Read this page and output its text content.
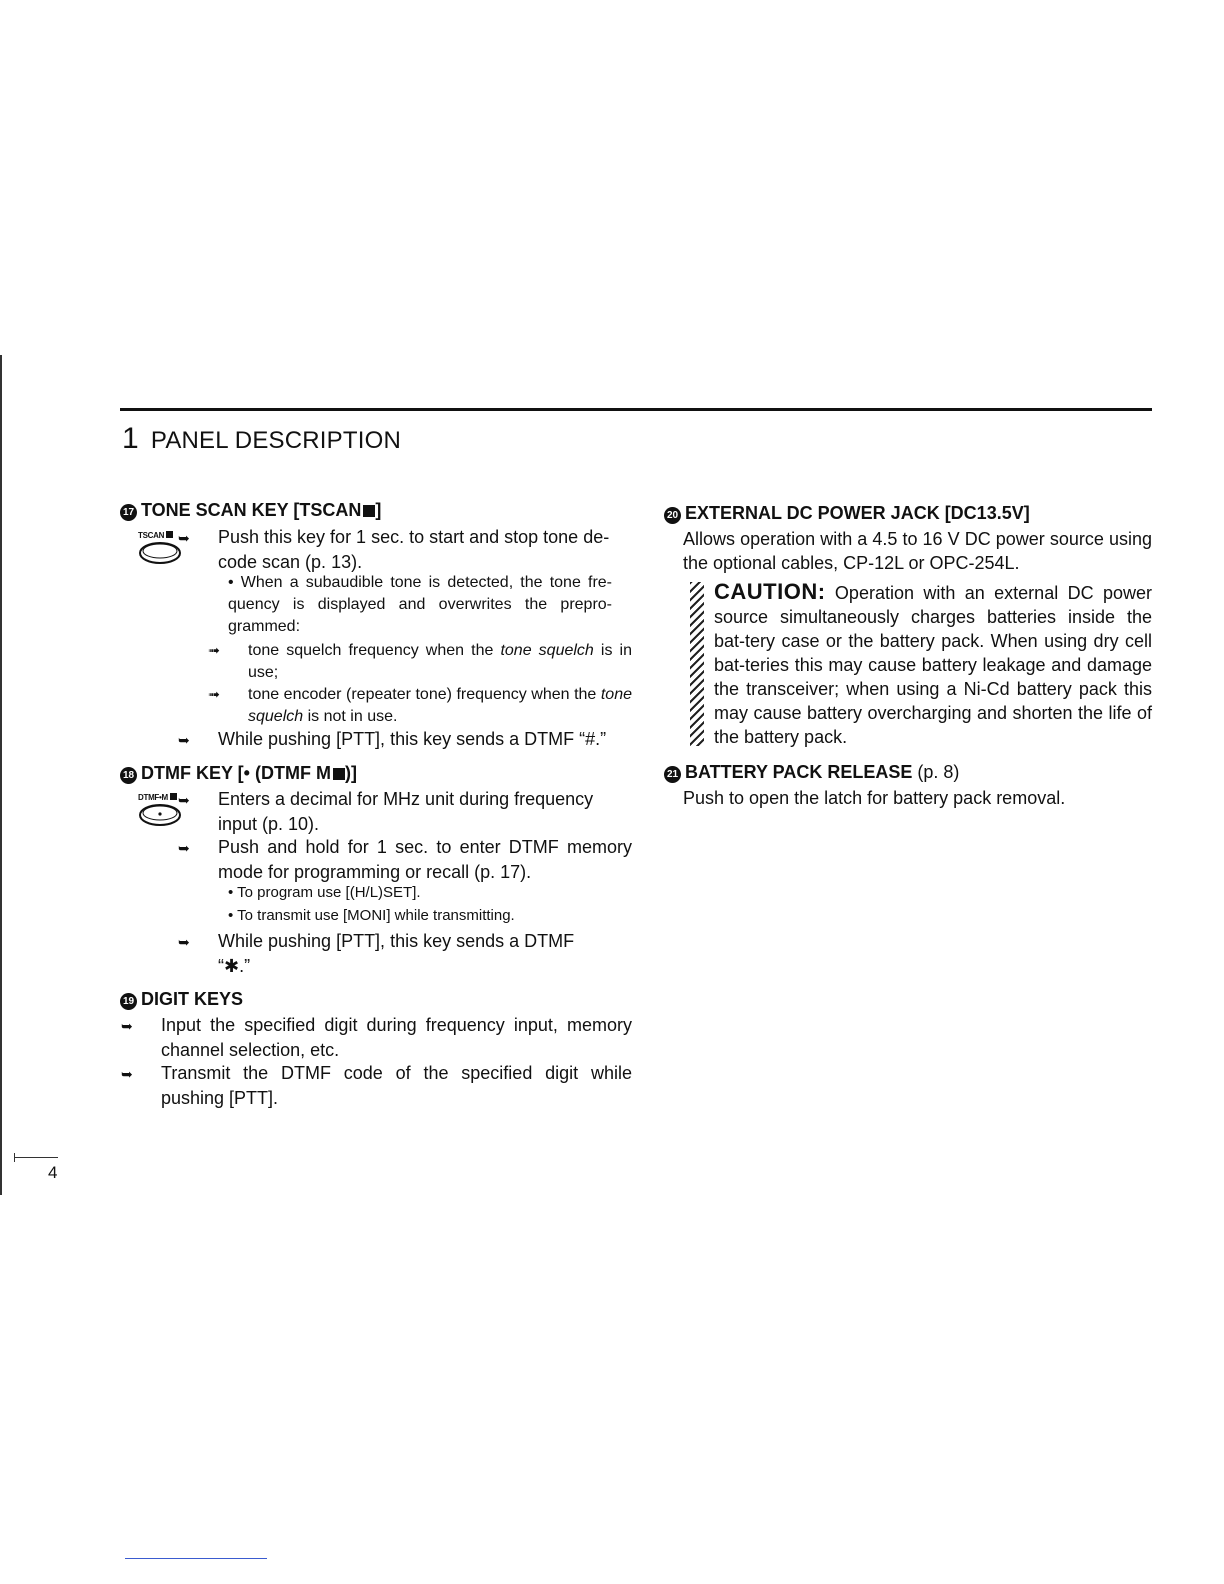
1 PANEL DESCRIPTION
17 TONE SCAN KEY [TSCAN ]
TSCAN ➥ Push this key for 1 sec. to start and stop tone de-
code scan (p. 13).
• When a subaudible tone is detected, the tone fre-quency is displayed and overwrites the prepro-grammed:
➟ tone squelch frequency when the tone squelch is in use;
➟ tone encoder (repeater tone) frequency when the tone squelch is not in use.
➥ While pushing [PTT], this key sends a DTMF “#.”
18 DTMF KEY [• (DTMF M )]
DTMF•M ➥ Enters a decimal for MHz unit during frequency
input (p. 10).
➥ Push and hold for 1 sec. to enter DTMF memory mode for programming or recall (p. 17).
• To program use [(H/L)SET].
• To transmit use [MONI] while transmitting.
➥ While pushing [PTT], this key sends a DTMF
“✱.”
19 DIGIT KEYS
➥ Input the specified digit during frequency input, memory channel selection, etc.
➥ Transmit the DTMF code of the specified digit while pushing [PTT].
20 EXTERNAL DC POWER JACK [DC13.5V]
Allows operation with a 4.5 to 16 V DC power source using the optional cables, CP-12L or OPC-254L.
CAUTION: Operation with an external DC power source simultaneously charges batteries inside the bat-tery case or the battery pack. When using dry cell bat-teries this may cause battery leakage and damage the transceiver; when using a Ni-Cd battery pack this may cause battery overcharging and shorten the life of the battery pack.
21 BATTERY PACK RELEASE (p. 8)
Push to open the latch for battery pack removal.
4
